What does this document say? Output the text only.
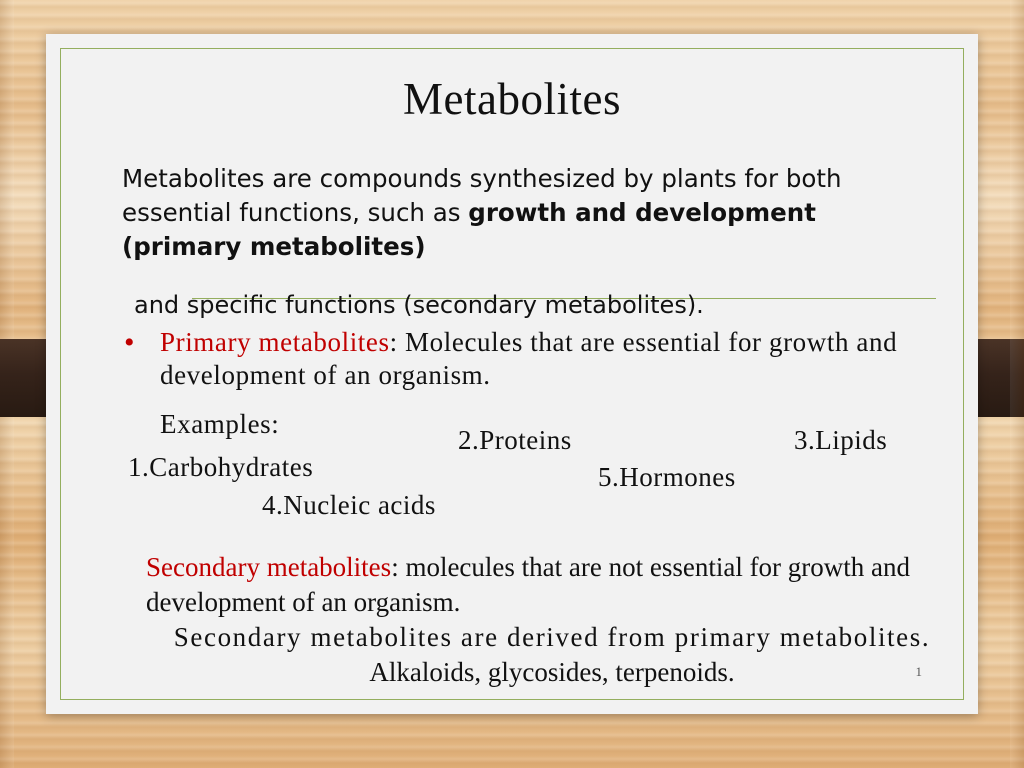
Metabolites
Metabolites are compounds synthesized by plants for both essential functions, such as growth and development
(primary metabolites)
and specific functions (secondary metabolites).
• Primary metabolites: Molecules that are essential for growth and development of an organism.
Examples:
1.Carbohydrates
2.Proteins	3.Lipids
4.Nucleic acids
5.Hormones
Secondary metabolites: molecules that are not essential for growth and development of an organism.
Secondary metabolites are derived from primary metabolites. Alkaloids, glycosides, terpenoids.	1
